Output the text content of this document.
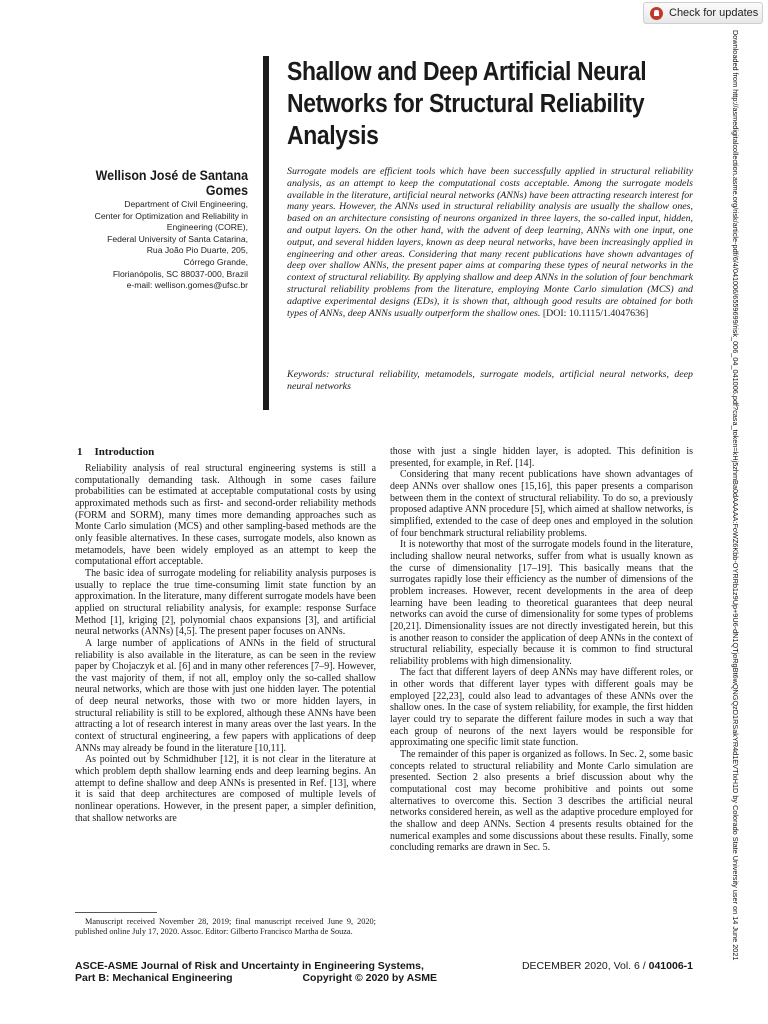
Check for updates
Downloaded from http://asmedigitalcollection.asme.org/risk/article-pdf/6/4/041006/6559699/risk_006_04_041006.pdf?casa_token=kHj5zhmBa0dAAAAA:FoWZ6Kbb-OYRRb1z9Up+9U6-dN1QTjoRgBt6wQNGQzD1RSakYR4d1EVTlxH1D by Colorado State University user on 14 June 2021
Shallow and Deep Artificial Neural Networks for Structural Reliability Analysis
Wellison José de Santana Gomes
Department of Civil Engineering,
Center for Optimization and Reliability in
Engineering (CORE),
Federal University of Santa Catarina,
Rua João Pio Duarte, 205,
Córrego Grande,
Florianópolis, SC 88037-000, Brazil
e-mail: wellison.gomes@ufsc.br
Surrogate models are efficient tools which have been successfully applied in structural reliability analysis, as an attempt to keep the computational costs acceptable. Among the surrogate models available in the literature, artificial neural networks (ANNs) have been attracting research interest for many years. However, the ANNs used in structural reliability analysis are usually the shallow ones, based on an architecture consisting of neurons organized in three layers, the so-called input, hidden, and output layers. On the other hand, with the advent of deep learning, ANNs with one input, one output, and several hidden layers, known as deep neural networks, have been increasingly applied in engineering and other areas. Considering that many recent publications have shown advantages of deep over shallow ANNs, the present paper aims at comparing these types of neural networks in the context of structural reliability. By applying shallow and deep ANNs in the solution of four benchmark structural reliability problems from the literature, employing Monte Carlo simulation (MCS) and adaptive experimental designs (EDs), it is shown that, although good results are obtained for both types of ANNs, deep ANNs usually outperform the shallow ones. [DOI: 10.1115/1.4047636]
Keywords: structural reliability, metamodels, surrogate models, artificial neural networks, deep neural networks
1 Introduction

Reliability analysis of real structural engineering systems is still a computationally demanding task. Although in some cases failure probabilities can be estimated at acceptable computational costs by using approximated methods such as first- and second-order reliability methods (FORM and SORM), many times more demanding approaches such as Monte Carlo simulation (MCS) and other sampling-based methods are the only feasible alternatives. In these cases, surrogate models, also known as metamodels, have been widely employed as an attempt to keep the computational effort acceptable.

The basic idea of surrogate modeling for reliability analysis purposes is usually to replace the true time-consuming limit state function by an approximation. In the literature, many different surrogate models have been applied on structural reliability analysis, for example: response Surface Method [1], kriging [2], polynomial chaos expansions [3], and artificial neural networks (ANNs) [4,5]. The present paper focuses on ANNs.

A large number of applications of ANNs in the field of structural reliability is also available in the literature, as can be seen in the review paper by Chojaczyk et al. [6] and in many other references [7–9]. However, the vast majority of them, if not all, employ only the so-called shallow neural networks, which are those with just one hidden layer. The potential of deep neural networks, those with two or more hidden layers, in structural reliability is still to be explored, although these ANNs have been attracting a lot of research interest in many areas over the last years. In the context of structural engineering, a few papers with applications of deep ANNs may already be found in the literature [10,11].

As pointed out by Schmidhuber [12], it is not clear in the literature at which problem depth shallow learning ends and deep learning begins. An attempt to define shallow and deep ANNs is presented in Ref. [13], where it is said that deep architectures are composed of multiple levels of nonlinear operations. However, in the present paper, a simpler definition, that shallow networks are

those with just a single hidden layer, is adopted. This definition is presented, for example, in Ref. [14].

Considering that many recent publications have shown advantages of deep ANNs over shallow ones [15,16], this paper presents a comparison between them in the context of structural reliability. To do so, a previously proposed adaptive ANN procedure [5], which aimed at shallow networks, is simplified, extended to the case of deep ones and employed in the solution of four benchmark structural reliability problems.

It is noteworthy that most of the surrogate models found in the literature, including shallow neural networks, suffer from what is usually known as the curse of dimensionality [17–19]. This basically means that the surrogates rapidly lose their efficiency as the number of dimensions of the problem increases. However, recent developments in the area of deep learning have been leading to theoretical guarantees that deep neural networks can avoid the curse of dimensionality for some types of problems [20,21]. Dimensionality issues are not directly investigated herein, but this is another reason to consider the application of deep ANNs in the context of structural reliability, especially because it is common to find structural reliability problems with high dimensionality.

The fact that different layers of deep ANNs may have different roles, or in other words that different layer types with different goals may be employed [22,23], could also lead to advantages of these ANNs over the shallow ones. In the case of system reliability, for example, the first hidden layer could try to separate the different failure modes in such a way that each group of neurons of the next layers would be responsible for approximating one specific limit state function.

The remainder of this paper is organized as follows. In Sec. 2, some basic concepts related to structural reliability and Monte Carlo simulation are presented. Section 2 also presents a brief discussion about why the computational cost may become prohibitive and points out some alternatives to overcome this. Section 3 describes the artificial neural networks considered herein, as well as the adaptive procedure employed for the shallow and deep ANNs. Section 4 presents results obtained for the numerical examples and some discussions about these results. Finally, some concluding remarks are drawn in Sec. 5.

Manuscript received November 28, 2019; final manuscript received June 9, 2020; published online July 17, 2020. Assoc. Editor: Gilberto Francisco Martha de Souza.

ASCE-ASME Journal of Risk and Uncertainty in Engineering Systems,
Part B: Mechanical Engineering	Copyright © 2020 by ASME
DECEMBER 2020, Vol. 6 / 041006-1
